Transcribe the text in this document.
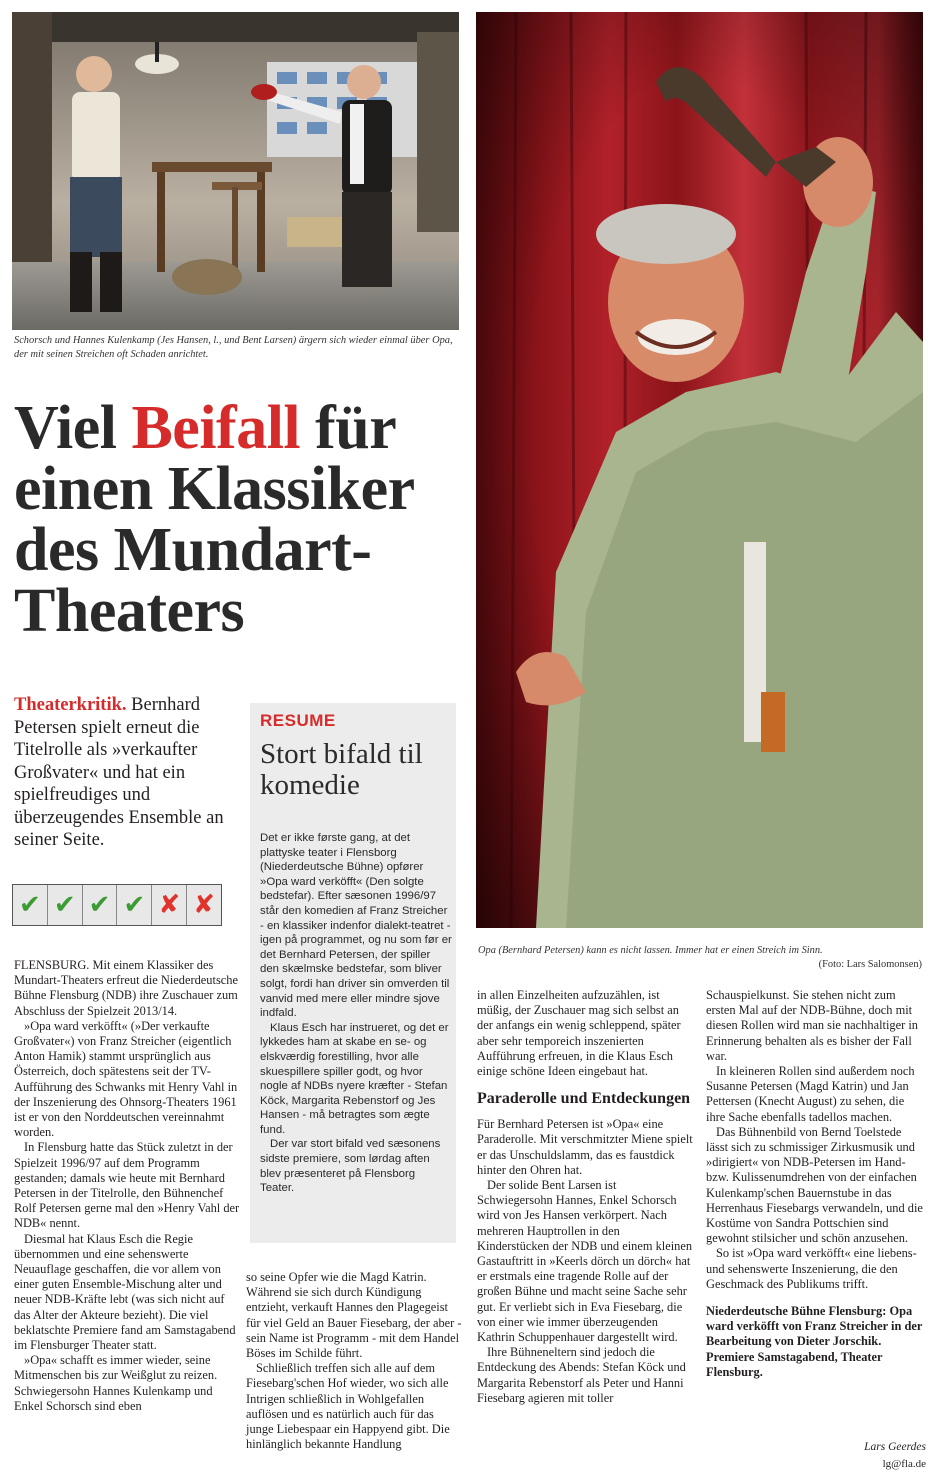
Schorsch und Hannes Kulenkamp (Jes Hansen, l., und Bent Larsen) ärgern sich wieder einmal über Opa, der mit seinen Streichen oft Schaden anrichtet.
Viel Beifall für einen Klassiker des Mundart-Theaters
Theaterkritik. Bernhard Petersen spielt erneut die Titelrolle als »verkaufter Großvater« und hat ein spielfreudiges und überzeugendes Ensemble an seiner Seite.
✔ ✔ ✔ ✔ ✘ ✘
RESUME
Stort bifald til komedie

Det er ikke første gang, at det plattyske teater i Flensborg (Niederdeutsche Bühne) opfører »Opa ward verköfft« (Den solgte bedstefar). Efter sæsonen 1996/97 står den komedien af Franz Streicher - en klassiker indenfor dialekt-teatret - igen på programmet, og nu som før er det Bernhard Petersen, der spiller den skælmske bedstefar, som bliver solgt, fordi han driver sin omverden til vanvid med mere eller mindre sjove indfald.

Klaus Esch har instrueret, og det er lykkedes ham at skabe en se- og elskværdig forestilling, hvor alle skuespillere spiller godt, og hvor nogle af NDBs nyere kræfter - Stefan Köck, Margarita Rebenstorf og Jes Hansen - må betragtes som ægte fund.

Der var stort bifald ved sæsonens sidste premiere, som lørdag aften blev præsenteret på Flensborg Teater.

Opa (Bernhard Petersen) kann es nicht lassen. Immer hat er einen Streich im Sinn.
(Foto: Lars Salomonsen)

FLENSBURG. Mit einem Klassiker des Mundart-Theaters erfreut die Niederdeutsche Bühne Flensburg (NDB) ihre Zuschauer zum Abschluss der Spielzeit 2013/14.

»Opa ward verköfft« (»Der verkaufte Großvater«) von Franz Streicher (eigentlich Anton Hamik) stammt ursprünglich aus Österreich, doch spätestens seit der TV-Aufführung des Schwanks mit Henry Vahl in der Inszenierung des Ohnsorg-Theaters 1961 ist er von den Norddeutschen vereinnahmt worden.

In Flensburg hatte das Stück zuletzt in der Spielzeit 1996/97 auf dem Programm gestanden; damals wie heute mit Bernhard Petersen in der Titelrolle, den Bühnenchef Rolf Petersen gerne mal den »Henry Vahl der NDB« nennt.

Diesmal hat Klaus Esch die Regie übernommen und eine sehenswerte Neuauflage geschaffen, die vor allem von einer guten Ensemble-Mischung alter und neuer NDB-Kräfte lebt (was sich nicht auf das Alter der Akteure bezieht). Die viel beklatschte Premiere fand am Samstagabend im Flensburger Theater statt.

»Opa« schafft es immer wieder, seine Mitmenschen bis zur Weißglut zu reizen. Schwiegersohn Hannes Kulenkamp und Enkel Schorsch sind eben

so seine Opfer wie die Magd Katrin. Während sie sich durch Kündigung entzieht, verkauft Hannes den Plagegeist für viel Geld an Bauer Fiesebarg, der aber - sein Name ist Programm - mit dem Handel Böses im Schilde führt.

Schließlich treffen sich alle auf dem Fiesebarg'schen Hof wieder, wo sich alle Intrigen schließlich in Wohlgefallen auflösen und es natürlich auch für das junge Liebespaar ein Happyend gibt. Die hinlänglich bekannte Handlung

in allen Einzelheiten aufzuzählen, ist müßig, der Zuschauer mag sich selbst an der anfangs ein wenig schleppend, später aber sehr temporeich inszenierten Aufführung erfreuen, in die Klaus Esch einige schöne Ideen eingebaut hat.

Paraderolle und Entdeckungen

Für Bernhard Petersen ist »Opa« eine Paraderolle. Mit verschmitzter Miene spielt er das Unschuldslamm, das es faustdick hinter den Ohren hat.

Der solide Bent Larsen ist Schwiegersohn Hannes, Enkel Schorsch wird von Jes Hansen verkörpert. Nach mehreren Hauptrollen in den Kinderstücken der NDB und einem kleinen Gastauftritt in »Keerls dörch un dörch« hat er erstmals eine tragende Rolle auf der großen Bühne und macht seine Sache sehr gut. Er verliebt sich in Eva Fiesebarg, die von einer wie immer überzeugenden Kathrin Schuppenhauer dargestellt wird.

Ihre Bühneneltern sind jedoch die Entdeckung des Abends: Stefan Köck und Margarita Rebenstorf als Peter und Hanni Fiesebarg agieren mit toller

Schauspielkunst. Sie stehen nicht zum ersten Mal auf der NDB-Bühne, doch mit diesen Rollen wird man sie nachhaltiger in Erinnerung behalten als es bisher der Fall war.

In kleineren Rollen sind außerdem noch Susanne Petersen (Magd Katrin) und Jan Pettersen (Knecht August) zu sehen, die ihre Sache ebenfalls tadellos machen.

Das Bühnenbild von Bernd Toelstede lässt sich zu schmissiger Zirkusmusik und »dirigiert« von NDB-Petersen im Hand- bzw. Kulissenumdrehen von der einfachen Kulenkamp'schen Bauernstube in das Herrenhaus Fiesebargs verwandeln, und die Kostüme von Sandra Pottschien sind gewohnt stilsicher und schön anzusehen.

So ist »Opa ward verköfft« eine liebens- und sehenswerte Inszenierung, die den Geschmack des Publikums trifft.

Niederdeutsche Bühne Flensburg: Opa ward verköfft von Franz Streicher in der Bearbeitung von Dieter Jorschik. Premiere Samstagabend, Theater Flensburg.

Lars Geerdes
lg@fla.de
